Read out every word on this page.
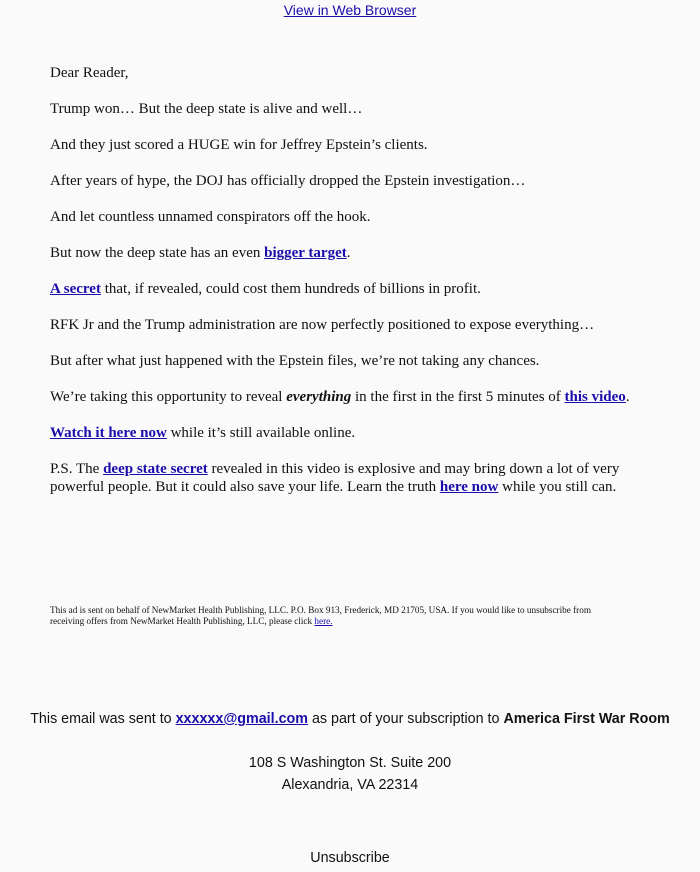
View in Web Browser

Dear Reader,

Trump won… But the deep state is alive and well…

And they just scored a HUGE win for Jeffrey Epstein’s clients.

After years of hype, the DOJ has officially dropped the Epstein investigation…

And let countless unnamed conspirators off the hook.

But now the deep state has an even bigger target.

A secret that, if revealed, could cost them hundreds of billions in profit.

RFK Jr and the Trump administration are now perfectly positioned to expose everything…

But after what just happened with the Epstein files, we’re not taking any chances.

We’re taking this opportunity to reveal everything in the first in the first 5 minutes of this video.

Watch it here now while it’s still available online.

P.S. The deep state secret revealed in this video is explosive and may bring down a lot of very powerful people. But it could also save your life. Learn the truth here now while you still can.

This ad is sent on behalf of NewMarket Health Publishing, LLC. P.O. Box 913, Frederick, MD 21705, USA. If you would like to unsubscribe from receiving offers from NewMarket Health Publishing, LLC, please click here.
This email was sent to xxxxxx@gmail.com as part of your subscription to America First War Room
108 S Washington St. Suite 200
Alexandria, VA 22314
Unsubscribe
